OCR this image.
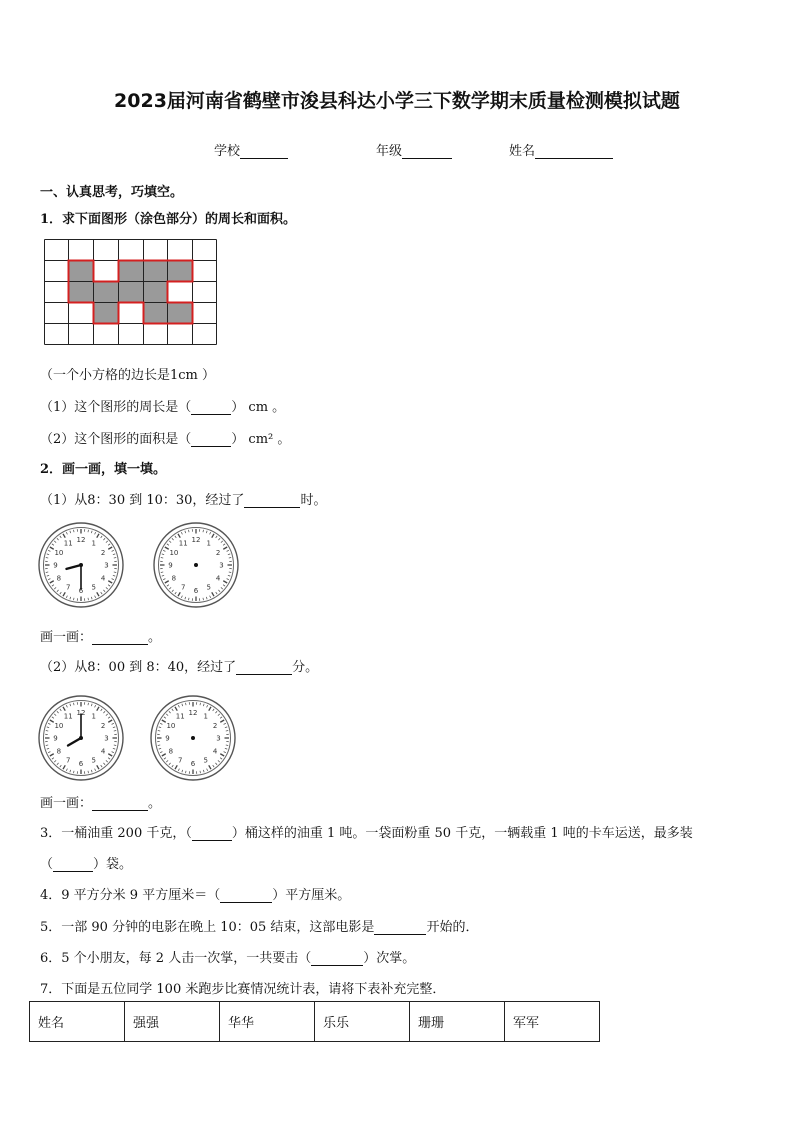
2023届河南省鹤壁市浚县科达小学三下数学期末质量检测模拟试题
学校	年级	姓名
一、认真思考，巧填空。
1．求下面图形（涂色部分）的周长和面积。
（一个小方格的边长是1cm ）
（1）这个图形的周长是（	） cm 。
（2）这个图形的面积是（	） cm² 。
2．画一画，填一填。
（1）从8：30 到 10：30，经过了	时。
12 1
2
3
4
5
6
7
8
9
10
11	12 1
2
3
4
5
6
7
8
9
10
11
画一画：	。
（2）从8：00 到 8：40，经过了	分。
12 1
2
3
4
5
6
7
8
9
10
11	12 1
2
3
4
5
6
7
8
9
10
11
画一画：	。
3．一桶油重 200 千克，（	）桶这样的油重 1 吨。一袋面粉重 50 千克，一辆载重 1 吨的卡车运送，最多装
（	）袋。
4．9 平方分米 9 平方厘米＝（	）平方厘米。
5．一部 90 分钟的电影在晚上 10：05 结束，这部电影是	开始的．
6．5 个小朋友，每 2 人击一次掌，一共要击（	）次掌。
7．下面是五位同学 100 米跑步比赛情况统计表，请将下表补充完整．
姓名	强强	华华	乐乐	珊珊	军军
